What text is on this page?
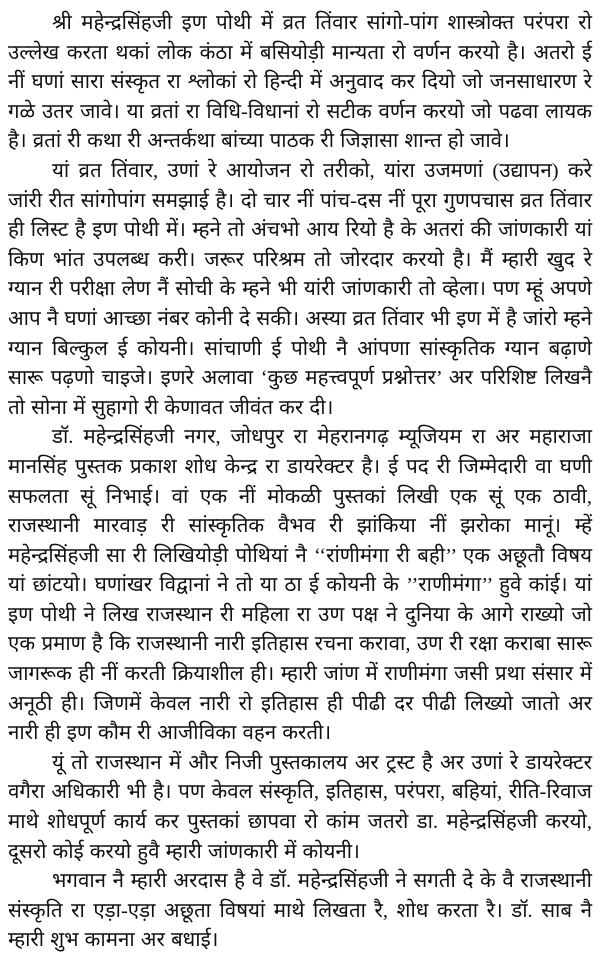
श्री महेन्द्रसिंहजी इण पोथी में व्रत तिंवार सांगो-पांग शास्त्रोक्त परंपरा रो उल्लेख करता थकां लोक कंठा में बसियोड़ी मान्यता रो वर्णन करयो है। अतरो ई नीं घणां सारा संस्कृत रा श्लोकां रो हिन्दी में अनुवाद कर दियो जो जनसाधारण रे गळे उतर जावे। या व्रतां रा विधि-विधानां रो सटीक वर्णन करयो जो पढवा लायक है। व्रतां री कथा री अन्तर्कथा बांच्या पाठक री जिज्ञासा शान्त हो जावे।

यां व्रत तिंवार, उणां रे आयोजन रो तरीको, यांरा उजमणां (उद्यापन) करे जांरी रीत सांगोपांग समझाई है। दो चार नीं पांच-दस नीं पूरा गुणपचास व्रत तिंवार ही लिस्ट है इण पोथी में। म्हने तो अंचभो आय रियो है के अतरां की जांणकारी यां किण भांत उपलब्ध करी। जरूर परिश्रम तो जोरदार करयो है। मैं म्हारी खुद रे ग्यान री परीक्षा लेण नैं सोची के म्हने भी यांरी जांणकारी तो व्हेला। पण म्हूं अपणे आप नै घणां आच्छा नंबर कोनी दे सकी। अस्या व्रत तिंवार भी इण में है जांरो म्हने ग्यान बिल्कुल ई कोयनी। सांचाणी ई पोथी नै आंपणा सांस्कृतिक ग्यान बढ़ाणे सारू पढ़णो चाइजे। इणरे अलावा ‘कुछ महत्त्वपूर्ण प्रश्नोत्तर’ अर परिशिष्ट लिखनै तो सोना में सुहागो री केणावत जीवंत कर दी।

डॉ. महेन्द्रसिंहजी नगर, जोधपुर रा मेहरानगढ़ म्यूजियम रा अर महाराजा मानसिंह पुस्तक प्रकाश शोध केन्द्र रा डायरेक्टर है। ई पद री जिम्मेदारी वा घणी सफलता सूं निभाई। वां एक नीं मोकळी पुस्तकां लिखी एक सूं एक ठावी, राजस्थानी मारवाड़ री सांस्कृतिक वैभव री झांकिया नीं झरोका मानूं। म्हें महेन्द्रसिंहजी सा री लिखियोड़ी पोथियां नै ‘‘रांणीमंगा री बही’’ एक अछूतौ विषय यां छांटयो। घणांखर विद्वानां ने तो या ठा ई कोयनी के ’’राणीमंगा’’ हुवे कांई। यां इण पोथी ने लिख राजस्थान री महिला रा उण पक्ष ने दुनिया के आगे राख्यो जो एक प्रमाण है कि राजस्थानी नारी इतिहास रचना करावा, उण री रक्षा कराबा सारू जागरूक ही नीं करती क्रियाशील ही। म्हारी जांण में राणीमंगा जसी प्रथा संसार में अनूठी ही। जिणमें केवल नारी रो इतिहास ही पीढी दर पीढी लिख्यो जातो अर नारी ही इण कौम री आजीविका वहन करती।

यूं तो राजस्थान में और निजी पुस्तकालय अर ट्रस्ट है अर उणां रे डायरेक्टर वगैरा अधिकारी भी है। पण केवल संस्कृति, इतिहास, परंपरा, बहियां, रीति-रिवाज माथे शोधपूर्ण कार्य कर पुस्तकां छापवा रो कांम जतरो डा. महेन्द्रसिंहजी करयो, दूसरो कोई करयो हुवै म्हारी जांणकारी में कोयनी।

भगवान नै म्हारी अरदास है वे डॉ. महेन्द्रसिंहजी ने सगती दे के वै राजस्थानी संस्कृति रा एड़ा-एड़ा अछूता विषयां माथे लिखता रै, शोध करता रै। डॉ. साब नै म्हारी शुभ कामना अर बधाई।
